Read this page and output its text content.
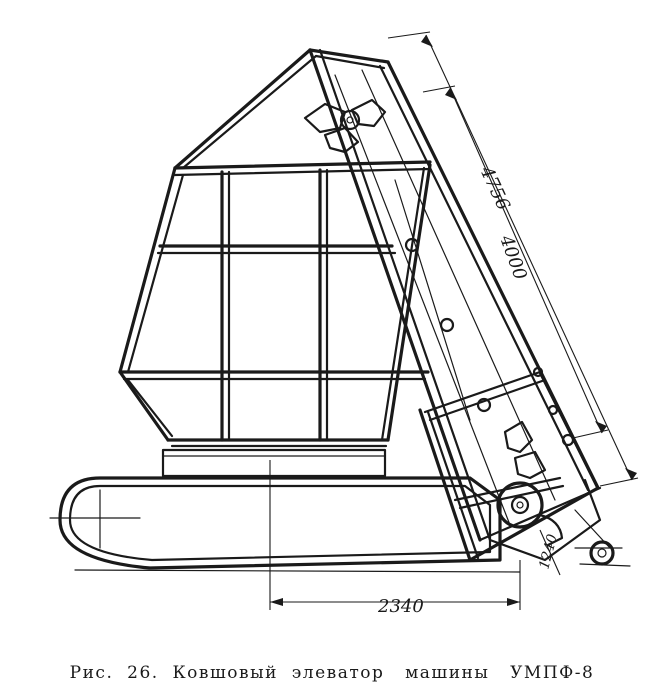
4756
4000
2340
1240
Рис.  26.  Ковшовый  элеватор   машины   УМПФ-8
